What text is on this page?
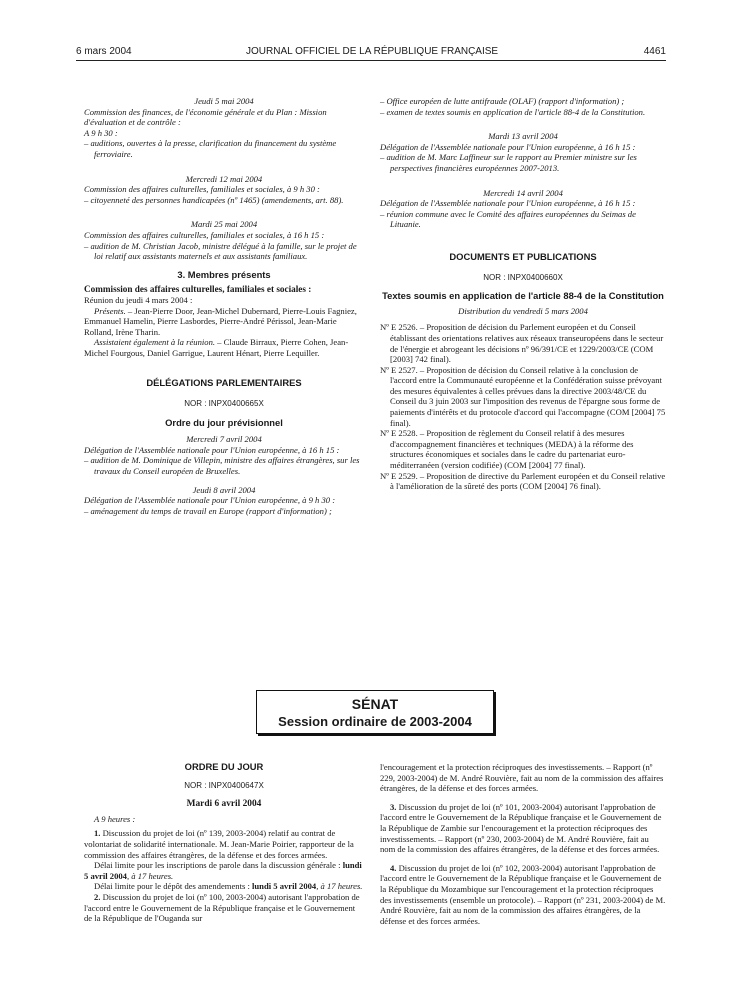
6 mars 2004	JOURNAL OFFICIEL DE LA RÉPUBLIQUE FRANÇAISE	4461

Jeudi 5 mai 2004

Commission des finances, de l'économie générale et du Plan : Mission d'évaluation et de contrôle :

A 9 h 30 :

– auditions, ouvertes à la presse, clarification du financement du système ferroviaire.

Mercredi 12 mai 2004

Commission des affaires culturelles, familiales et sociales, à 9 h 30 :

– citoyenneté des personnes handicapées (nº 1465) (amendements, art. 88).

Mardi 25 mai 2004

Commission des affaires culturelles, familiales et sociales, à 16 h 15 :

– audition de M. Christian Jacob, ministre délégué à la famille, sur le projet de loi relatif aux assistants maternels et aux assistants familiaux.

3. Membres présents

Commission des affaires culturelles, familiales et sociales :

Réunion du jeudi 4 mars 2004 :

Présents. – Jean-Pierre Door, Jean-Michel Dubernard, Pierre-Louis Fagniez, Emmanuel Hamelin, Pierre Lasbordes, Pierre-André Périssol, Jean-Marie Rolland, Irène Tharin.

Assistaient également à la réunion. – Claude Birraux, Pierre Cohen, Jean-Michel Fourgous, Daniel Garrigue, Laurent Hénart, Pierre Lequiller.

DÉLÉGATIONS PARLEMENTAIRES

NOR : INPX0400665X

Ordre du jour prévisionnel

Mercredi 7 avril 2004

Délégation de l'Assemblée nationale pour l'Union européenne, à 16 h 15 :

– audition de M. Dominique de Villepin, ministre des affaires étrangères, sur les travaux du Conseil européen de Bruxelles.

Jeudi 8 avril 2004

Délégation de l'Assemblée nationale pour l'Union européenne, à 9 h 30 :

– aménagement du temps de travail en Europe (rapport d'information) ;

– Office européen de lutte antifraude (OLAF) (rapport d'information) ;

– examen de textes soumis en application de l'article 88-4 de la Constitution.

Mardi 13 avril 2004

Délégation de l'Assemblée nationale pour l'Union européenne, à 16 h 15 :

– audition de M. Marc Laffineur sur le rapport au Premier ministre sur les perspectives financières européennes 2007-2013.

Mercredi 14 avril 2004

Délégation de l'Assemblée nationale pour l'Union européenne, à 16 h 15 :

– réunion commune avec le Comité des affaires européennes du Seimas de Lituanie.

DOCUMENTS ET PUBLICATIONS

NOR : INPX0400660X

Textes soumis en application de l'article 88-4 de la Constitution

Distribution du vendredi 5 mars 2004

Nº E 2526. – Proposition de décision du Parlement européen et du Conseil établissant des orientations relatives aux réseaux transeuropéens dans le secteur de l'énergie et abrogeant les décisions nº 96/391/CE et 1229/2003/CE (COM [2003] 742 final).

Nº E 2527. – Proposition de décision du Conseil relative à la conclusion de l'accord entre la Communauté européenne et la Confédération suisse prévoyant des mesures équivalentes à celles prévues dans la directive 2003/48/CE du Conseil du 3 juin 2003 sur l'imposition des revenus de l'épargne sous forme de paiements d'intérêts et du protocole d'accord qui l'accompagne (COM [2004] 75 final).

Nº E 2528. – Proposition de règlement du Conseil relatif à des mesures d'accompagnement financières et techniques (MEDA) à la réforme des structures économiques et sociales dans le cadre du partenariat euro-méditerranéen (version codifiée) (COM [2004] 77 final).

Nº E 2529. – Proposition de directive du Parlement européen et du Conseil relative à l'amélioration de la sûreté des ports (COM [2004] 76 final).

SÉNAT
Session ordinaire de 2003-2004

ORDRE DU JOUR

NOR : INPX0400647X

Mardi 6 avril 2004

A 9 heures :

1. Discussion du projet de loi (nº 139, 2003-2004) relatif au contrat de volontariat de solidarité internationale. M. Jean-Marie Poirier, rapporteur de la commission des affaires étrangères, de la défense et des forces armées.

Délai limite pour les inscriptions de parole dans la discussion générale : lundi 5 avril 2004, à 17 heures.

Délai limite pour le dépôt des amendements : lundi 5 avril 2004, à 17 heures.

2. Discussion du projet de loi (nº 100, 2003-2004) autorisant l'approbation de l'accord entre le Gouvernement de la République française et le Gouvernement de la République de l'Ouganda sur

l'encouragement et la protection réciproques des investissements. – Rapport (nº 229, 2003-2004) de M. André Rouvière, fait au nom de la commission des affaires étrangères, de la défense et des forces armées.

3. Discussion du projet de loi (nº 101, 2003-2004) autorisant l'approbation de l'accord entre le Gouvernement de la République française et le Gouvernement de la République de Zambie sur l'encouragement et la protection réciproques des investissements. – Rapport (nº 230, 2003-2004) de M. André Rouvière, fait au nom de la commission des affaires étrangères, de la défense et des forces armées.

4. Discussion du projet de loi (nº 102, 2003-2004) autorisant l'approbation de l'accord entre le Gouvernement de la République française et le Gouvernement de la République du Mozambique sur l'encouragement et la protection réciproques des investissements (ensemble un protocole). – Rapport (nº 231, 2003-2004) de M. André Rouvière, fait au nom de la commission des affaires étrangères, de la défense et des forces armées.
